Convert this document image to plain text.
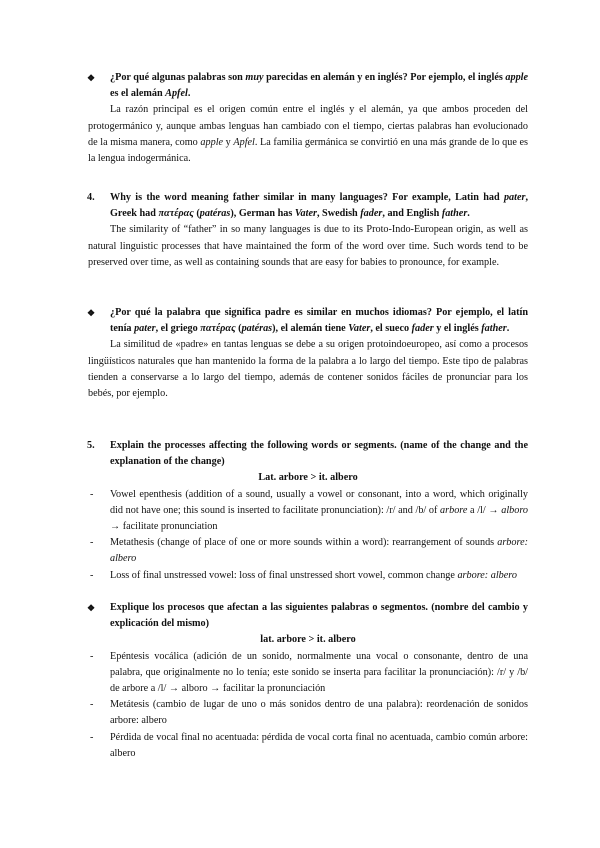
❖	¿Por qué algunas palabras son muy parecidas en alemán y en inglés? Por ejemplo, el inglés apple es el alemán Apfel.
La razón principal es el origen común entre el inglés y el alemán, ya que ambos proceden del protogermánico y, aunque ambas lenguas han cambiado con el tiempo, ciertas palabras han evolucionado de la misma manera, como apple y Apfel. La familia germánica se convirtió en una más grande de lo que es la lengua indogermánica.
4.	Why is the word meaning father similar in many languages? For example, Latin had pater, Greek had πατέρας (patéras), German has Vater, Swedish fader, and English father.
The similarity of “father” in so many languages is due to its Proto-Indo-European origin, as well as natural linguistic processes that have maintained the form of the word over time. Such words tend to be preserved over time, as well as containing sounds that are easy for babies to pronounce, for example.
❖	¿Por qué la palabra que significa padre es similar en muchos idiomas? Por ejemplo, el latín tenía pater, el griego πατέρας (patéras), el alemán tiene Vater, el sueco fader y el inglés father.
La similitud de «padre» en tantas lenguas se debe a su origen protoindoeuropeo, así como a procesos lingüísticos naturales que han mantenido la forma de la palabra a lo largo del tiempo. Este tipo de palabras tienden a conservarse a lo largo del tiempo, además de contener sonidos fáciles de pronunciar para los bebés, por ejemplo.
5.	Explain the processes affecting the following words or segments. (name of the change and the explanation of the change)
Lat. arbore > it. albero
- Vowel epenthesis (addition of a sound, usually a vowel or consonant, into a word, which originally did not have one; this sound is inserted to facilitate pronunciation): /r/ and /b/ of arbore a /l/ → alboro → facilitate pronunciation
- Metathesis (change of place of one or more sounds within a word): rearrangement of sounds arbore: albero
- Loss of final unstressed vowel: loss of final unstressed short vowel, common change arbore: albero
❖	Explique los procesos que afectan a las siguientes palabras o segmentos. (nombre del cambio y explicación del mismo)
lat. arbore > it. albero
- Epéntesis vocálica (adición de un sonido, normalmente una vocal o consonante, dentro de una palabra, que originalmente no lo tenía; este sonido se inserta para facilitar la pronunciación): /r/ y /b/ de arbore a /l/ → alboro → facilitar la pronunciación
- Metátesis (cambio de lugar de uno o más sonidos dentro de una palabra): reordenación de sonidos arbore: albero
- Pérdida de vocal final no acentuada: pérdida de vocal corta final no acentuada, cambio común arbore: albero
